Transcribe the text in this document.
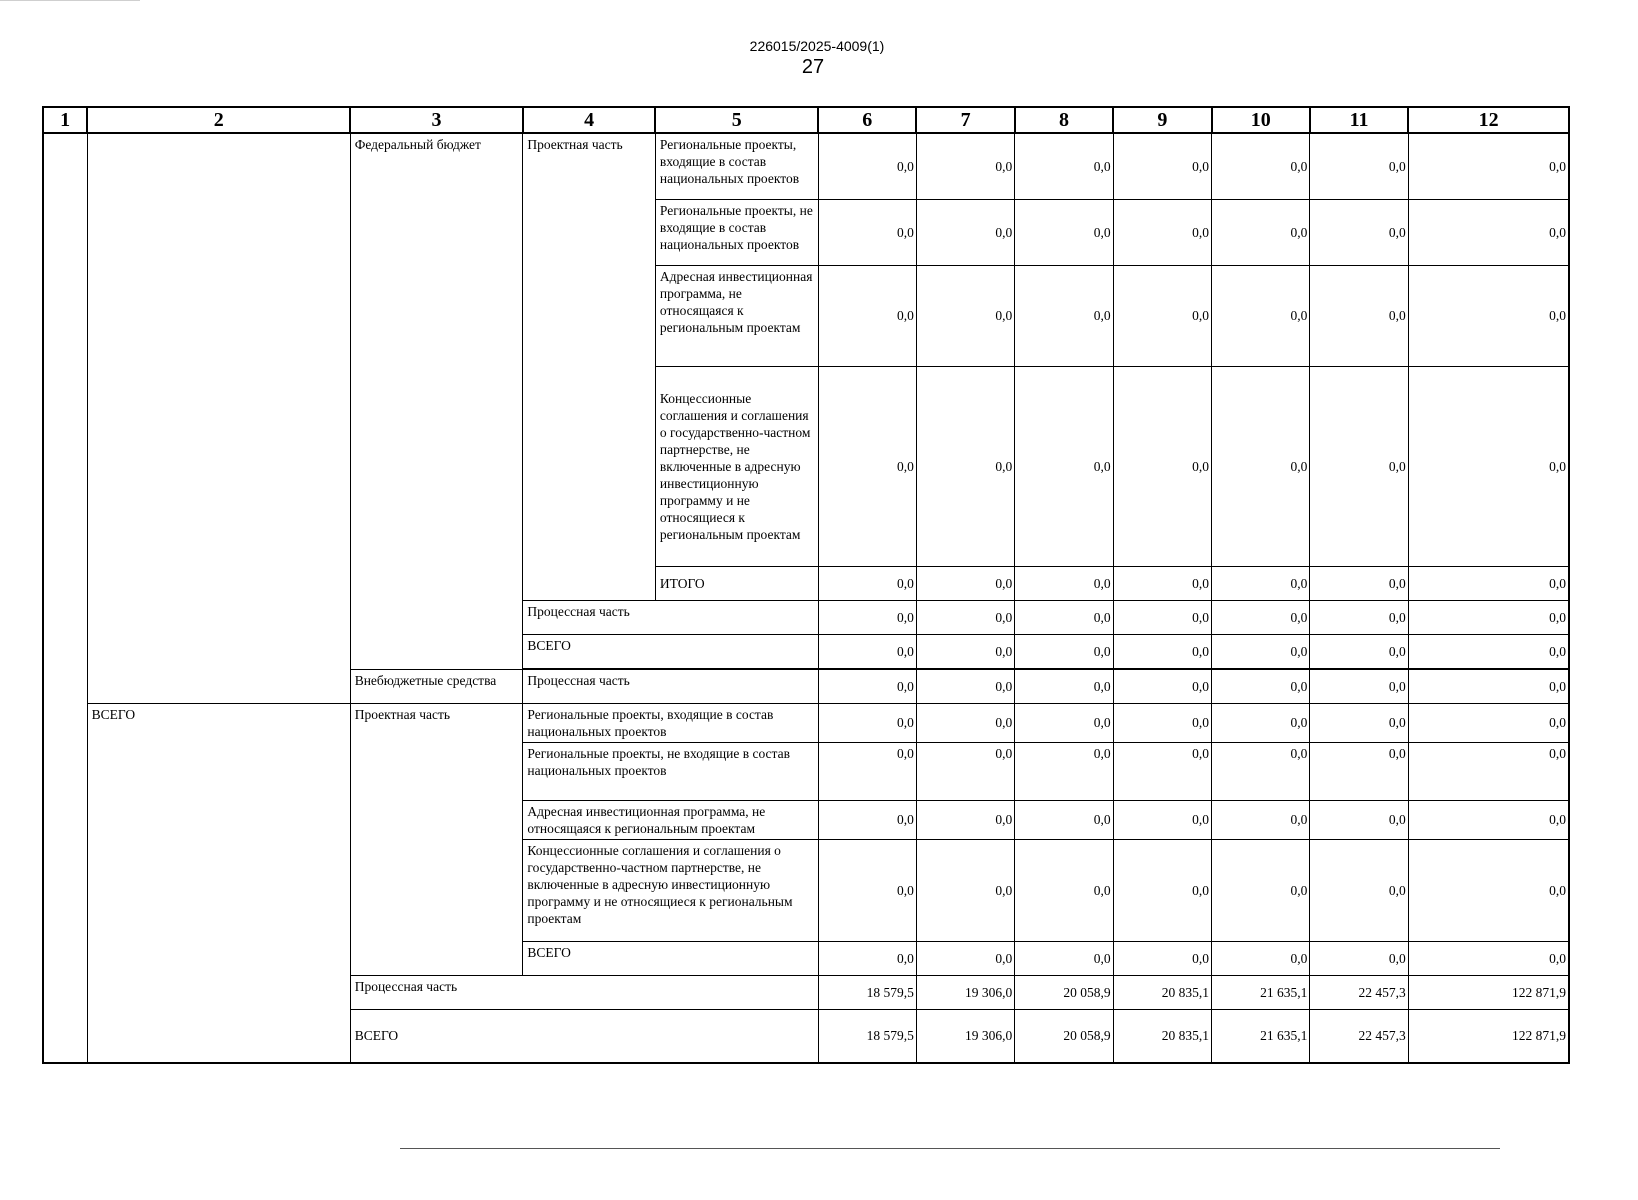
226015/2025-4009(1)
27
1	2	3	4	5	6	7	8	9	10	11	12
		Федеральный бюджет	Проектная часть	Региональные проекты, входящие в состав национальных проектов	0,0	0,0	0,0	0,0	0,0	0,0	0,0
				Региональные проекты, не входящие в состав национальных проектов	0,0	0,0	0,0	0,0	0,0	0,0	0,0
				Адресная инвестиционная программа, не относящаяся к региональным проектам	0,0	0,0	0,0	0,0	0,0	0,0	0,0
				Концессионные соглашения и соглашения о государственно-частном партнерстве, не включенные в адресную инвестиционную программу и не относящиеся к региональным проектам	0,0	0,0	0,0	0,0	0,0	0,0	0,0
				ИТОГО	0,0	0,0	0,0	0,0	0,0	0,0	0,0
			Процессная часть		0,0	0,0	0,0	0,0	0,0	0,0	0,0
			ВСЕГО		0,0	0,0	0,0	0,0	0,0	0,0	0,0

		Внебюджетные средства	Процессная часть		0,0	0,0	0,0	0,0	0,0	0,0	0,0
	ВСЕГО	Проектная часть	Региональные проекты, входящие в состав национальных проектов		0,0	0,0	0,0	0,0	0,0	0,0	0,0
			Региональные проекты, не входящие в состав национальных проектов		0,0	0,0	0,0	0,0	0,0	0,0	0,0
			Адресная инвестиционная программа, не относящаяся к региональным проектам		0,0	0,0	0,0	0,0	0,0	0,0	0,0
			Концессионные соглашения и соглашения о государственно-частном партнерстве, не включенные в адресную инвестиционную программу и не относящиеся к региональным проектам		0,0	0,0	0,0	0,0	0,0	0,0	0,0
			ВСЕГО		0,0	0,0	0,0	0,0	0,0	0,0	0,0
		Процессная часть			18 579,5	19 306,0	20 058,9	20 835,1	21 635,1	22 457,3	122 871,9
		ВСЕГО			18 579,5	19 306,0	20 058,9	20 835,1	21 635,1	22 457,3	122 871,9
